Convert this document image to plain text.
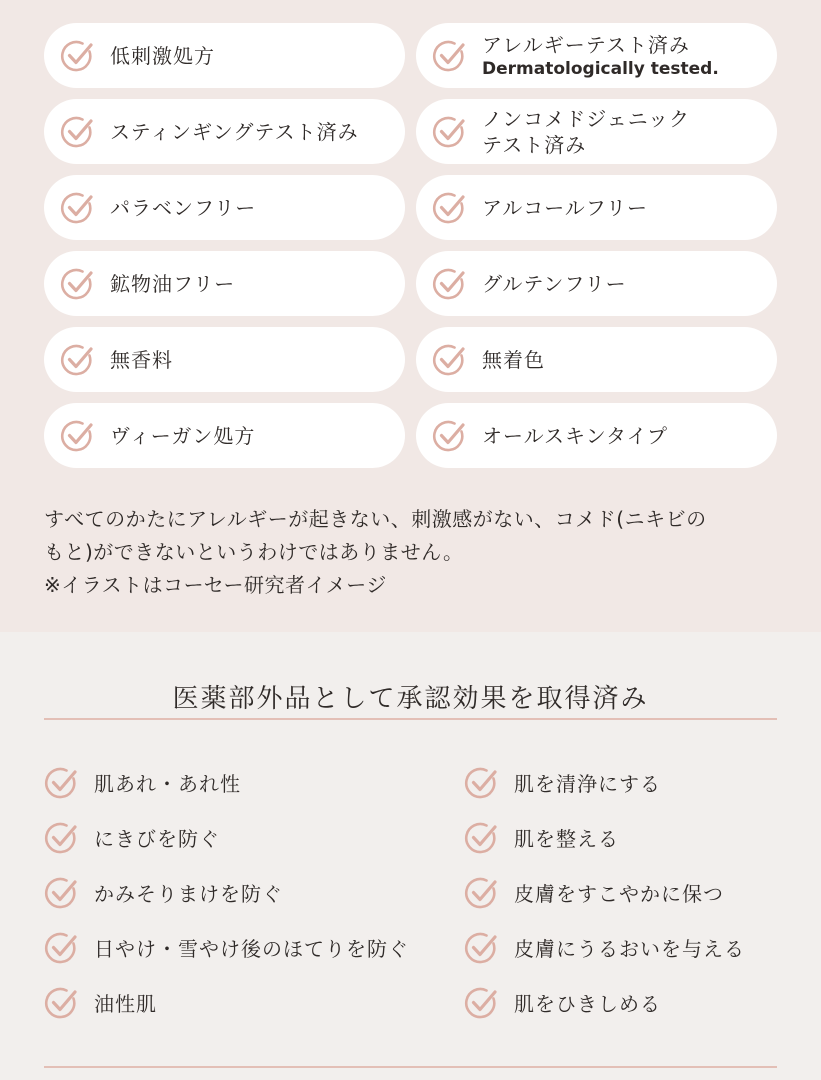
低刺激処方	アレルギーテスト済み
Dermatologically tested.
スティンギングテスト済み
ノンコメドジェニック
テスト済み
パラベンフリー	アルコールフリー
鉱物油フリー	グルテンフリー
無香料	無着色
ヴィーガン処方	オールスキンタイプ

すべてのかたにアレルギーが起きない、刺激感がない、コメド(ニキビの

もと)ができないというわけではありません。

※イラストはコーセー研究者イメージ

医薬部外品として承認効果を取得済み
肌あれ・あれ性	肌を清浄にする
にきびを防ぐ	肌を整える
かみそりまけを防ぐ	皮膚をすこやかに保つ
日やけ・雪やけ後のほてりを防ぐ	皮膚にうるおいを与える
油性肌	肌をひきしめる
